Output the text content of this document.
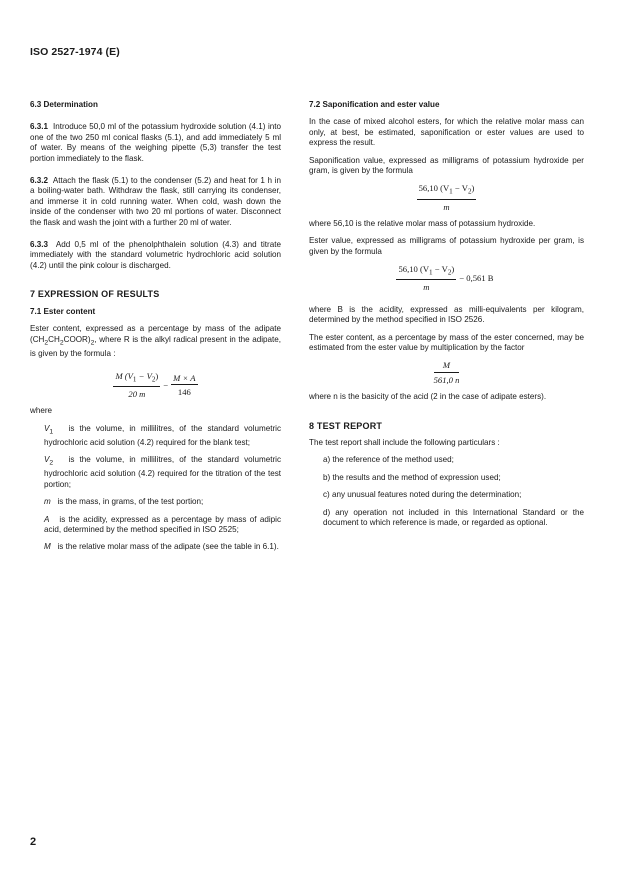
ISO 2527-1974 (E)

6.3 Determination

6.3.1 Introduce 50,0 ml of the potassium hydroxide solution (4.1) into one of the two 250 ml conical flasks (5.1), and add immediately 5 ml of water. By means of the weighing pipette (5,3) transfer the test portion immediately to the flask.

6.3.2 Attach the flask (5.1) to the condenser (5.2) and heat for 1 h in a boiling-water bath. Withdraw the flask, still carrying its condenser, and immerse it in cold running water. When cold, wash down the inside of the condenser with two 20 ml portions of water. Disconnect the flask and wash the joint with a further 20 ml of water.

6.3.3 Add 0,5 ml of the phenolphthalein solution (4.3) and titrate immediately with the standard volumetric hydrochloric acid solution (4.2) until the pink colour is discharged.

7 EXPRESSION OF RESULTS

7.1 Ester content

Ester content, expressed as a percentage by mass of the adipate $(CH_2CH_2COOR)_2$, where R is the alkyl radical present in the adipate, is given by the formula :

$\frac{M (V_1 - V_2)}{20 m} - \frac{M \times A}{146}$

where

$V_1$ is the volume, in millilitres, of the standard volumetric hydrochloric acid solution (4.2) required for the blank test;

$V_2$ is the volume, in millilitres, of the standard volumetric hydrochloric acid solution (4.2) required for the titration of the test portion;

m is the mass, in grams, of the test portion;

A is the acidity, expressed as a percentage by mass of adipic acid, determined by the method specified in ISO 2525;

M is the relative molar mass of the adipate (see the table in 6.1).

7.2 Saponification and ester value

In the case of mixed alcohol esters, for which the relative molar mass can only, at best, be estimated, saponification or ester values are used to express the result.

Saponification value, expressed as milligrams of potassium hydroxide per gram, is given by the formula

$\frac{56,10 (V_1 - V_2)}{m}$

where 56,10 is the relative molar mass of potassium hydroxide.

Ester value, expressed as milligrams of potassium hydroxide per gram, is given by the formula

$\frac{56,10 (V_1 - V_2)}{m} - 0,561$ B

where B is the acidity, expressed as milli-equivalents per kilogram, determined by the method specified in ISO 2526.

The ester content, as a percentage by mass of the ester concerned, may be estimated from the ester value by multiplication by the factor

$\frac{M}{561,0 n}$

where n is the basicity of the acid (2 in the case of adipate esters).

8 TEST REPORT

The test report shall include the following particulars :

a) the reference of the method used;

b) the results and the method of expression used;

c) any unusual features noted during the determination;

d) any operation not included in this International Standard or the document to which reference is made, or regarded as optional.

2
